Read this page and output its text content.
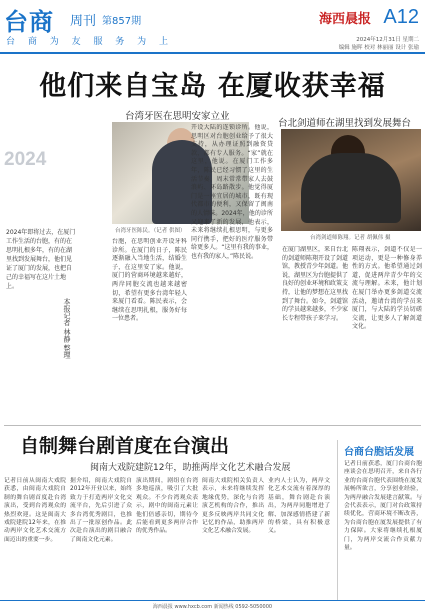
台商 周刊 第857期
台 商 为 友 服 务 为 上
海西晨报 A12
2024年12月31日 星期二
编辑 施晖 校对 林丽丽 设计 张瑜
他们来自宝岛 在厦收获幸福
2024
2024年即将过去，在厦门工作生活的台胞，有的在思明扎根多年，有的在湖里找到发展舞台，他们见证了厦门的发展，也把自己的幸福写在这片土地上。
本报记者 林静 整理
台湾牙医在思明安家立业
台湾牙医陈民。（记者 供图）
台胞，在思明创业开设牙科诊所。在厦门的日子，陈民逐渐融入当地生活，结婚生子，在这里安了家。他说，厦门的营商环境越来越好，两岸同胞交流也越来越密切，希望有更多台湾年轻人来厦门看看。陈民表示，会继续在思明扎根，服务好每一位患者。
开设大陆的连锁诊所。他说，思明区对台胞创业给予了很大支持，从办理证照到融资贷款，都有专人服务。“家”就在这里，他说。在厦门工作多年，陈民已经习惯了这里的生活节奏，周末常常带家人去鼓浪屿、环岛路散步。他觉得厦门是一座宜居的城市，既有现代都市的便利，又保留了闽南的人情味。2024年，他的诊所又迎来了新的发展，他表示，未来将继续扎根思明，与更多同行携手，把好的医疗服务带给更多人。“这里有我的事业，也有我的家人，”陈民说。
台北剑道师在湖里找到发展舞台
台湾剑道师陈翔。记者 胡佩伟 摄
在厦门湖里区，来自台北的剑道师陈翔开设了剑道馆，教授青少年剑道。他说，湖里区为台胞提供了良好的创业环境和政策支持，让他的梦想在这里找到了舞台。如今，剑道馆的学员越来越多，不少家长专程带孩子来学习。
陈翔表示，剑道不仅是一项运动，更是一种修身养性的方式。他希望通过剑道，促进两岸青少年的交流与理解。未来，他计划在厦门举办更多剑道交流活动，邀请台湾的学员来厦门，与大陆的学员切磋交流，让更多人了解剑道文化。
自制舞台剧首度在台演出
闽南大戏院建院12年，助推两岸文化艺术融合发展
记者日前从闽南大戏院获悉，由闽南大戏院自制的舞台剧首度赴台湾演出，受到台湾观众的热烈欢迎。这是闽南大戏院建院12年来，在推动两岸文化艺术交流方面迈出的重要一步。
据介绍，闽南大戏院自2012年开业以来，始终致力于打造两岸文化交流平台，先后引进了众多台湾优秀剧目，也推出了一批原创作品。此次赴台演出的剧目融合了闽南文化元素。
演出期间，剧组在台湾多地巡演，吸引了大批观众。不少台湾观众表示，剧中的闽南元素让他们倍感亲切，期待今后能看到更多两岸合作的优秀作品。
闽南大戏院相关负责人表示，未来将继续发挥地缘优势，深化与台湾演艺机构的合作，推出更多反映两岸共同文化记忆的作品，助推两岸文化艺术融合发展。
业内人士认为，两岸文化艺术交流有着深厚的基础，舞台剧赴台演出，为两岸同胞增进了解、加深感情搭建了新的桥梁，具有积极意义。
台商台胞话发展
记者日前获悉，厦门台商台胞座谈会在思明召开，来自各行业的台商台胞代表围绕在厦发展畅所欲言，分享创业经验，为两岸融合发展建言献策。与会代表表示，厦门对台政策持续优化，营商环境不断改善，为台商台胞在厦发展提供了有力保障。大家将继续扎根厦门，为两岸交流合作贡献力量。
海西晨报 www.hxcb.com 新闻热线 0592-5050000
